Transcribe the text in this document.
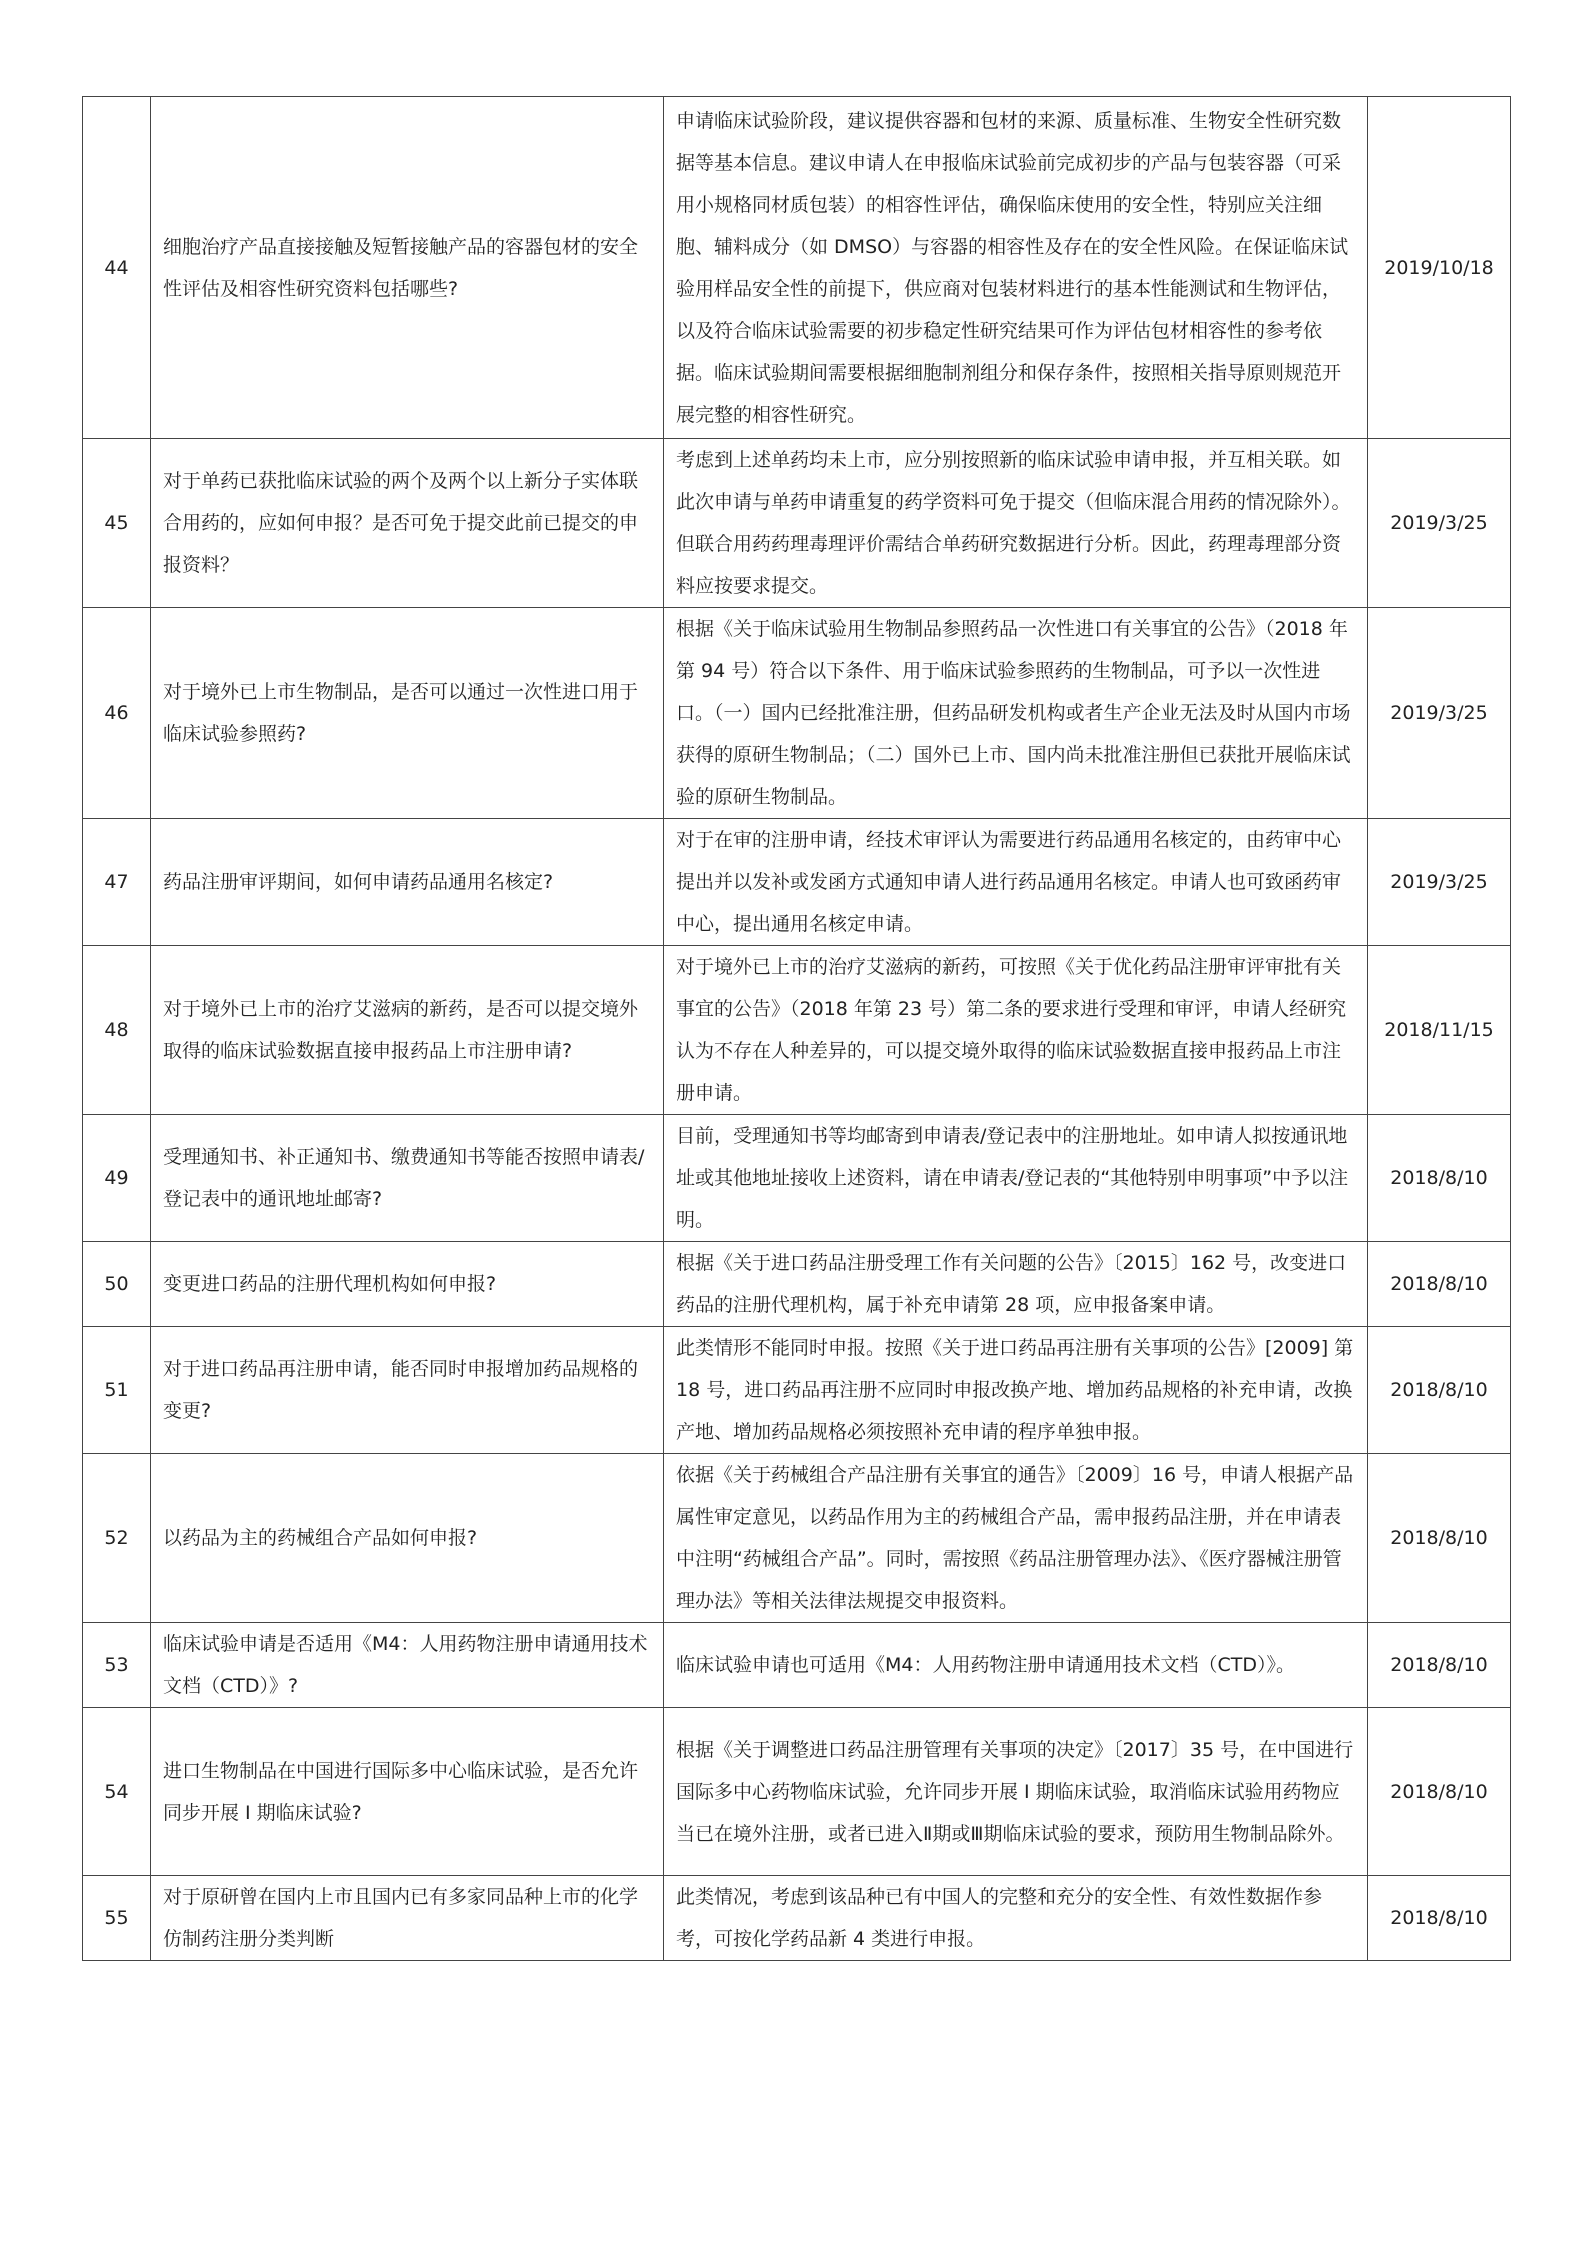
44	细胞治疗产品直接接触及短暂接触产品的容器包材的安全性评估及相容性研究资料包括哪些?	申请临床试验阶段，建议提供容器和包材的来源、质量标准、生物安全性研究数据等基本信息。建议申请人在申报临床试验前完成初步的产品与包装容器（可采用小规格同材质包装）的相容性评估，确保临床使用的安全性，特别应关注细胞、辅料成分（如 DMSO）与容器的相容性及存在的安全性风险。在保证临床试验用样品安全性的前提下，供应商对包装材料进行的基本性能测试和生物评估，以及符合临床试验需要的初步稳定性研究结果可作为评估包材相容性的参考依据。临床试验期间需要根据细胞制剂组分和保存条件，按照相关指导原则规范开展完整的相容性研究。	2019/10/18
45	对于单药已获批临床试验的两个及两个以上新分子实体联合用药的，应如何申报？是否可免于提交此前已提交的申报资料？	考虑到上述单药均未上市，应分别按照新的临床试验申请申报，并互相关联。如此次申请与单药申请重复的药学资料可免于提交（但临床混合用药的情况除外）。但联合用药药理毒理评价需结合单药研究数据进行分析。因此，药理毒理部分资料应按要求提交。	2019/3/25
46	对于境外已上市生物制品，是否可以通过一次性进口用于临床试验参照药?	根据《关于临床试验用生物制品参照药品一次性进口有关事宜的公告》（2018 年第 94 号）符合以下条件、用于临床试验参照药的生物制品，可予以一次性进口。（一）国内已经批准注册，但药品研发机构或者生产企业无法及时从国内市场获得的原研生物制品；（二）国外已上市、国内尚未批准注册但已获批开展临床试验的原研生物制品。	2019/3/25
47	药品注册审评期间，如何申请药品通用名核定?	对于在审的注册申请，经技术审评认为需要进行药品通用名核定的，由药审中心提出并以发补或发函方式通知申请人进行药品通用名核定。申请人也可致函药审中心，提出通用名核定申请。	2019/3/25
48	对于境外已上市的治疗艾滋病的新药，是否可以提交境外取得的临床试验数据直接申报药品上市注册申请?	对于境外已上市的治疗艾滋病的新药，可按照《关于优化药品注册审评审批有关事宜的公告》（2018 年第 23 号）第二条的要求进行受理和审评，申请人经研究认为不存在人种差异的，可以提交境外取得的临床试验数据直接申报药品上市注册申请。	2018/11/15
49	受理通知书、补正通知书、缴费通知书等能否按照申请表/登记表中的通讯地址邮寄?	目前，受理通知书等均邮寄到申请表/登记表中的注册地址。如申请人拟按通讯地址或其他地址接收上述资料，请在申请表/登记表的“其他特别申明事项”中予以注明。	2018/8/10
50	变更进口药品的注册代理机构如何申报?	根据《关于进口药品注册受理工作有关问题的公告》〔2015〕162 号，改变进口药品的注册代理机构，属于补充申请第 28 项，应申报备案申请。	2018/8/10
51	对于进口药品再注册申请，能否同时申报增加药品规格的变更?	此类情形不能同时申报。按照《关于进口药品再注册有关事项的公告》[2009] 第 18 号，进口药品再注册不应同时申报改换产地、增加药品规格的补充申请，改换产地、增加药品规格必须按照补充申请的程序单独申报。	2018/8/10
52	以药品为主的药械组合产品如何申报?	依据《关于药械组合产品注册有关事宜的通告》〔2009〕16 号，申请人根据产品属性审定意见，以药品作用为主的药械组合产品，需申报药品注册，并在申请表中注明“药械组合产品”。同时，需按照《药品注册管理办法》、《医疗器械注册管理办法》等相关法律法规提交申报资料。	2018/8/10
53	临床试验申请是否适用《M4：人用药物注册申请通用技术文档（CTD）》?	临床试验申请也可适用《M4：人用药物注册申请通用技术文档（CTD）》。	2018/8/10
54	进口生物制品在中国进行国际多中心临床试验，是否允许同步开展 I 期临床试验?	根据《关于调整进口药品注册管理有关事项的决定》〔2017〕35 号，在中国进行国际多中心药物临床试验，允许同步开展 I 期临床试验，取消临床试验用药物应当已在境外注册，或者已进入Ⅱ期或Ⅲ期临床试验的要求，预防用生物制品除外。	2018/8/10
55	对于原研曾在国内上市且国内已有多家同品种上市的化学仿制药注册分类判断	此类情况，考虑到该品种已有中国人的完整和充分的安全性、有效性数据作参考，可按化学药品新 4 类进行申报。	2018/8/10
